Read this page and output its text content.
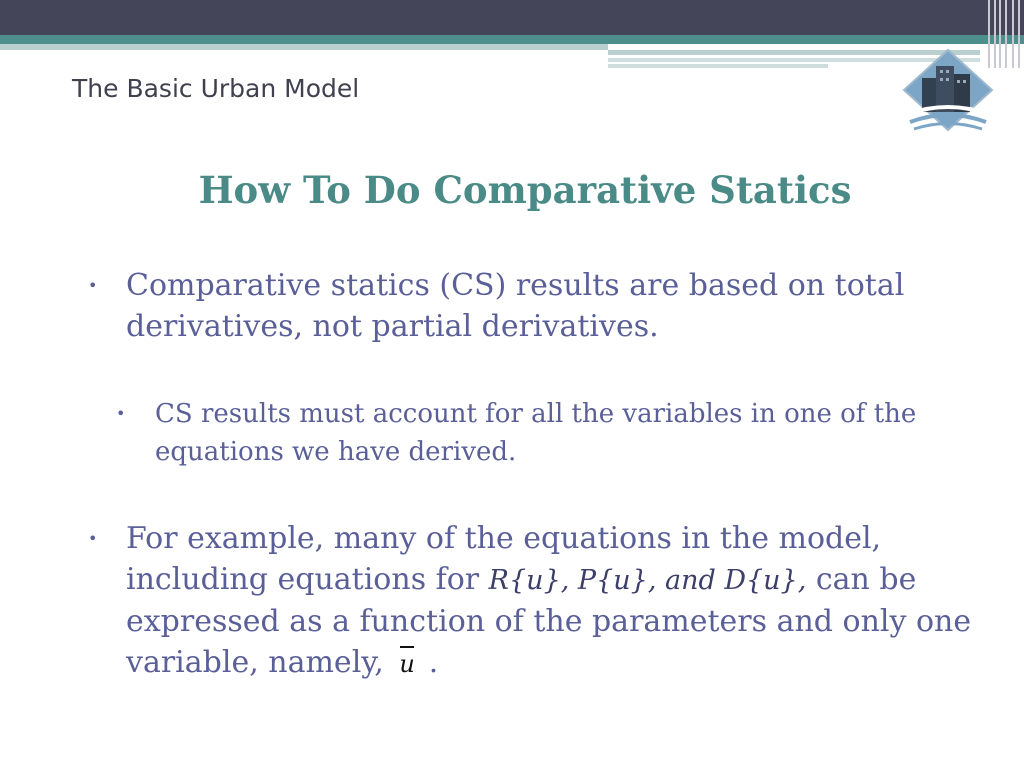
The Basic Urban Model
How To Do Comparative Statics
• Comparative statics (CS) results are based on total derivatives, not partial derivatives.
• CS results must account for all the variables in one of the equations we have derived.
• For example, many of the equations in the model, including equations for R{u}, P{u}, and D{u}, can be expressed as a function of the parameters and only one variable, namely, u .
